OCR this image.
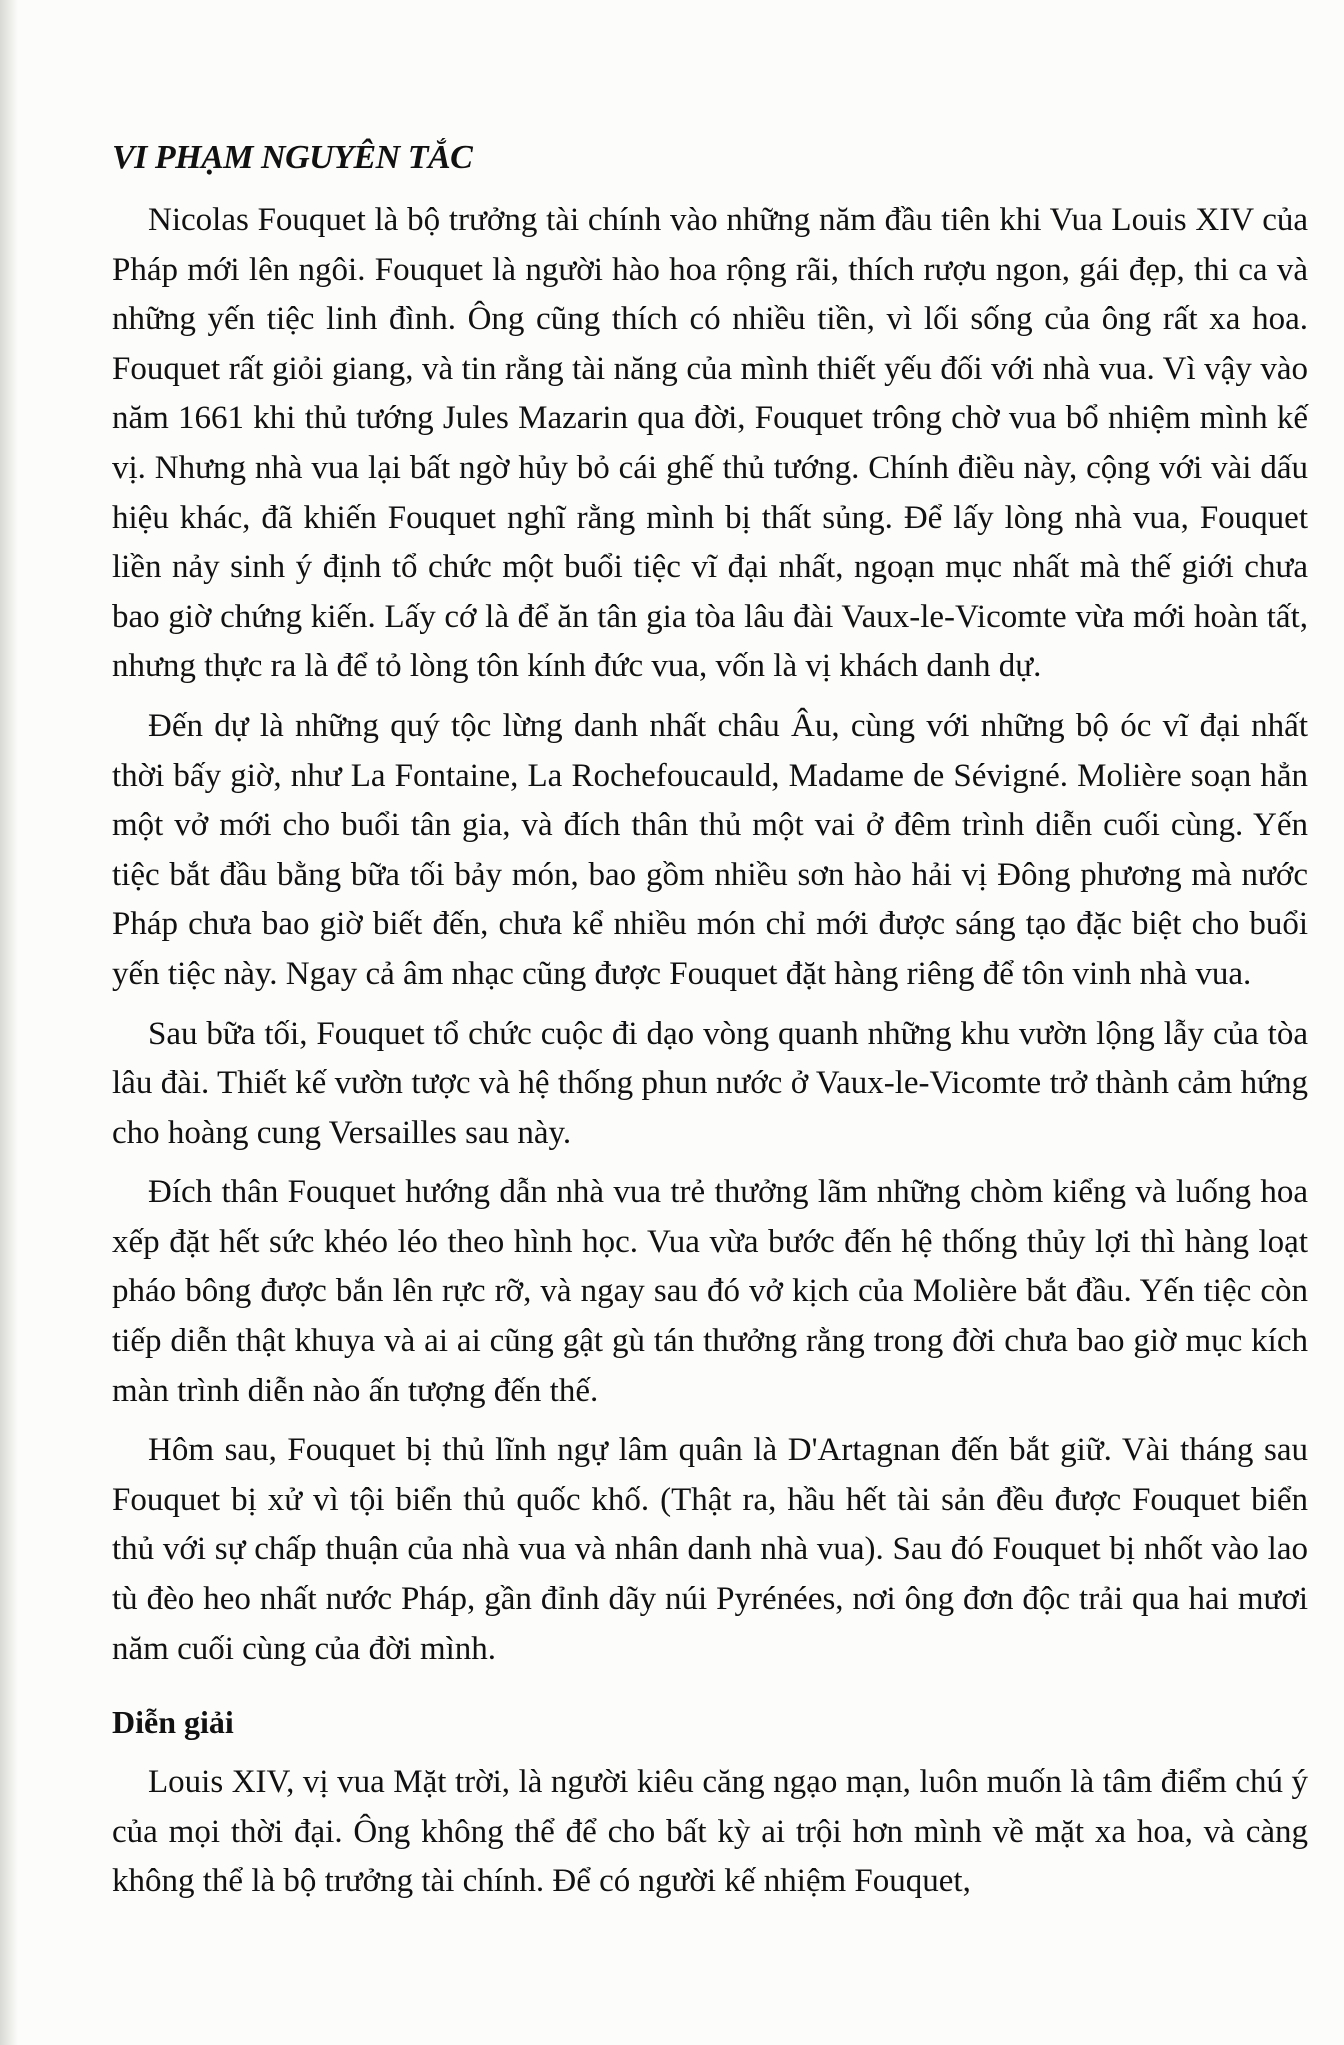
VI PHẠM NGUYÊN TẮC

Nicolas Fouquet là bộ trưởng tài chính vào những năm đầu tiên khi Vua Louis XIV của Pháp mới lên ngôi. Fouquet là người hào hoa rộng rãi, thích rượu ngon, gái đẹp, thi ca và những yến tiệc linh đình. Ông cũng thích có nhiều tiền, vì lối sống của ông rất xa hoa. Fouquet rất giỏi giang, và tin rằng tài năng của mình thiết yếu đối với nhà vua. Vì vậy vào năm 1661 khi thủ tướng Jules Mazarin qua đời, Fouquet trông chờ vua bổ nhiệm mình kế vị. Nhưng nhà vua lại bất ngờ hủy bỏ cái ghế thủ tướng. Chính điều này, cộng với vài dấu hiệu khác, đã khiến Fouquet nghĩ rằng mình bị thất sủng. Để lấy lòng nhà vua, Fouquet liền nảy sinh ý định tổ chức một buổi tiệc vĩ đại nhất, ngoạn mục nhất mà thế giới chưa bao giờ chứng kiến. Lấy cớ là để ăn tân gia tòa lâu đài Vaux-le-Vicomte vừa mới hoàn tất, nhưng thực ra là để tỏ lòng tôn kính đức vua, vốn là vị khách danh dự.

Đến dự là những quý tộc lừng danh nhất châu Âu, cùng với những bộ óc vĩ đại nhất thời bấy giờ, như La Fontaine, La Rochefoucauld, Madame de Sévigné. Molière soạn hẳn một vở mới cho buổi tân gia, và đích thân thủ một vai ở đêm trình diễn cuối cùng. Yến tiệc bắt đầu bằng bữa tối bảy món, bao gồm nhiều sơn hào hải vị Đông phương mà nước Pháp chưa bao giờ biết đến, chưa kể nhiều món chỉ mới được sáng tạo đặc biệt cho buổi yến tiệc này. Ngay cả âm nhạc cũng được Fouquet đặt hàng riêng để tôn vinh nhà vua.

Sau bữa tối, Fouquet tổ chức cuộc đi dạo vòng quanh những khu vườn lộng lẫy của tòa lâu đài. Thiết kế vườn tược và hệ thống phun nước ở Vaux-le-Vicomte trở thành cảm hứng cho hoàng cung Versailles sau này.

Đích thân Fouquet hướng dẫn nhà vua trẻ thưởng lãm những chòm kiểng và luống hoa xếp đặt hết sức khéo léo theo hình học. Vua vừa bước đến hệ thống thủy lợi thì hàng loạt pháo bông được bắn lên rực rỡ, và ngay sau đó vở kịch của Molière bắt đầu. Yến tiệc còn tiếp diễn thật khuya và ai ai cũng gật gù tán thưởng rằng trong đời chưa bao giờ mục kích màn trình diễn nào ấn tượng đến thế.

Hôm sau, Fouquet bị thủ lĩnh ngự lâm quân là D'Artagnan đến bắt giữ. Vài tháng sau Fouquet bị xử vì tội biển thủ quốc khố. (Thật ra, hầu hết tài sản đều được Fouquet biển thủ với sự chấp thuận của nhà vua và nhân danh nhà vua). Sau đó Fouquet bị nhốt vào lao tù đèo heo nhất nước Pháp, gần đỉnh dãy núi Pyrénées, nơi ông đơn độc trải qua hai mươi năm cuối cùng của đời mình.

Diễn giải

Louis XIV, vị vua Mặt trời, là người kiêu căng ngạo mạn, luôn muốn là tâm điểm chú ý của mọi thời đại. Ông không thể để cho bất kỳ ai trội hơn mình về mặt xa hoa, và càng không thể là bộ trưởng tài chính. Để có người kế nhiệm Fouquet,
